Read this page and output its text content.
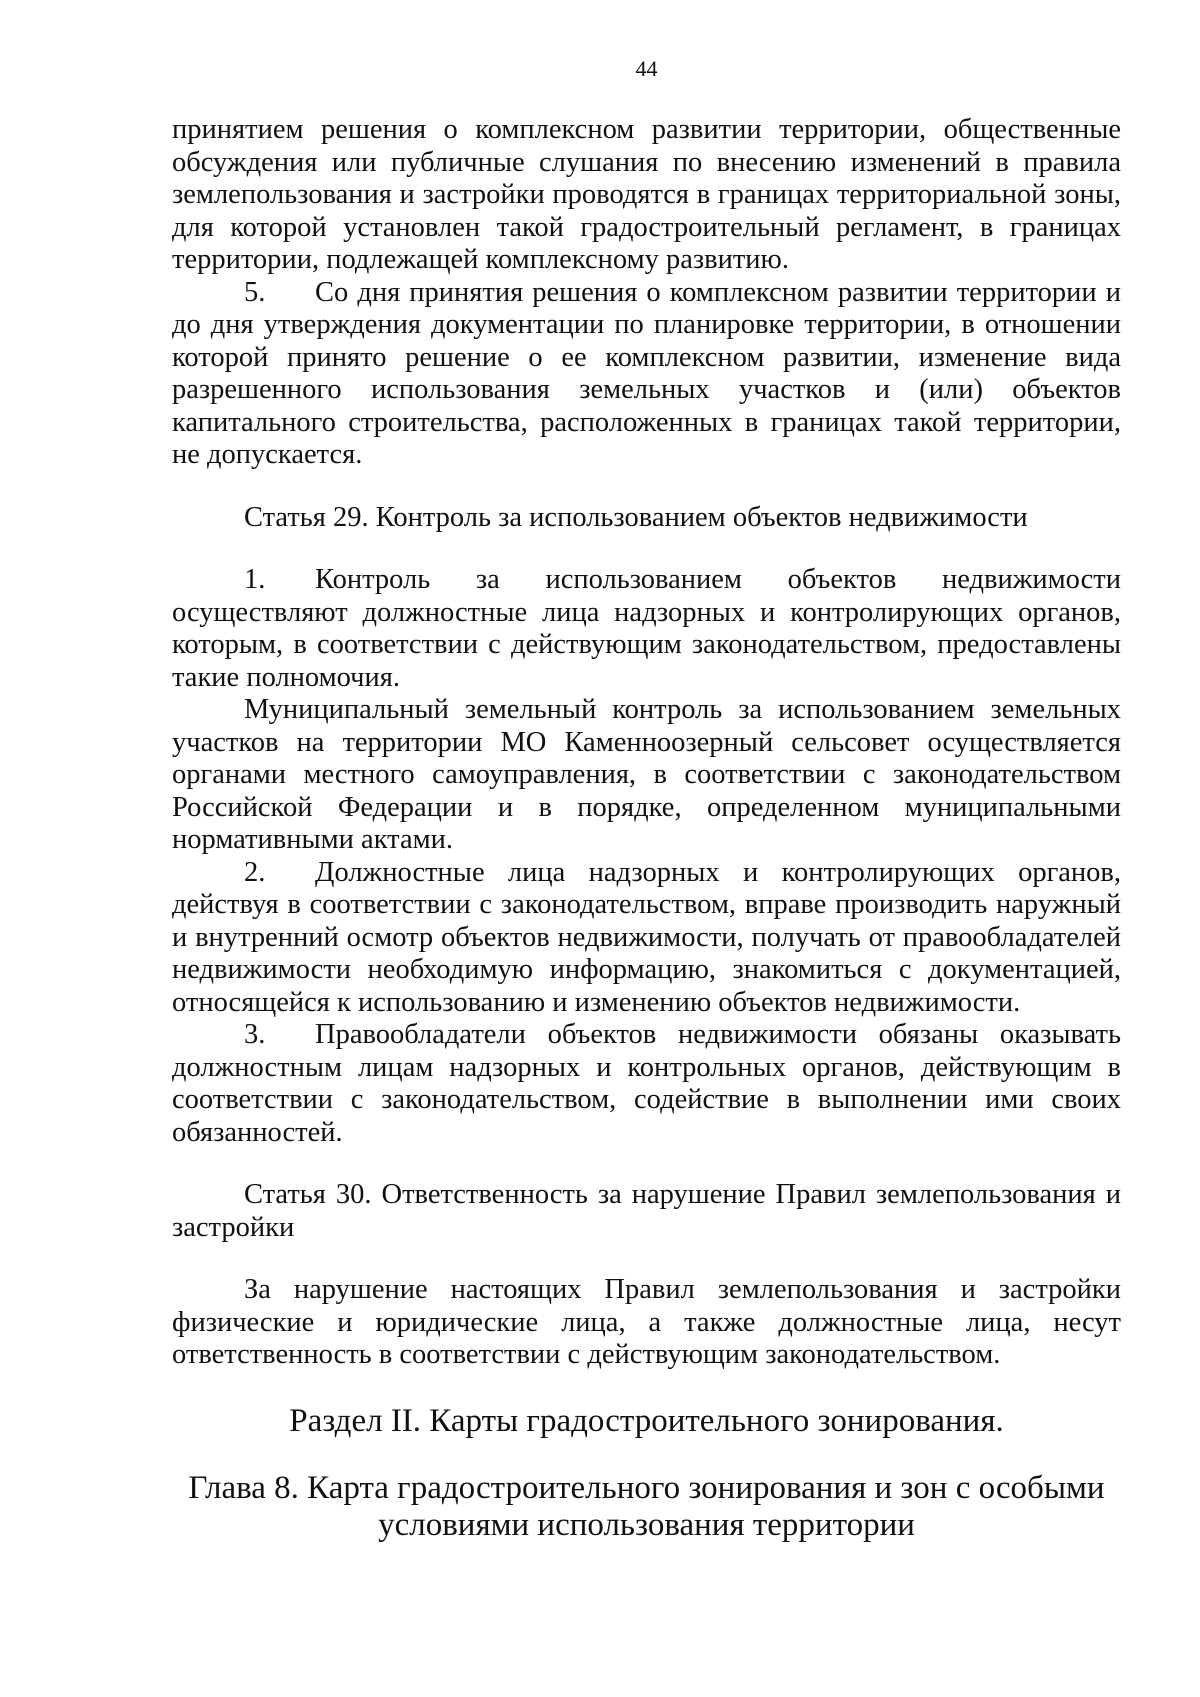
44

принятием решения о комплексном развитии территории, общественные обсуждения или публичные слушания по внесению изменений в правила землепользования и застройки проводятся в границах территориальной зоны, для которой установлен такой градостроительный регламент, в границах территории, подлежащей комплексному развитию.

5. Со дня принятия решения о комплексном развитии территории и до дня утверждения документации по планировке территории, в отношении которой принято решение о ее комплексном развитии, изменение вида разрешенного использования земельных участков и (или) объектов капитального строительства, расположенных в границах такой территории, не допускается.

Статья 29. Контроль за использованием объектов недвижимости

1. Контроль за использованием объектов недвижимости осуществляют должностные лица надзорных и контролирующих органов, которым, в соответствии с действующим законодательством, предоставлены такие полномочия.

Муниципальный земельный контроль за использованием земельных участков на территории МО Каменноозерный сельсовет осуществляется органами местного самоуправления, в соответствии с законодательством Российской Федерации и в порядке, определенном муниципальными нормативными актами.

2. Должностные лица надзорных и контролирующих органов, действуя в соответствии с законодательством, вправе производить наружный и внутренний осмотр объектов недвижимости, получать от правообладателей недвижимости необходимую информацию, знакомиться с документацией, относящейся к использованию и изменению объектов недвижимости.

3. Правообладатели объектов недвижимости обязаны оказывать должностным лицам надзорных и контрольных органов, действующим в соответствии с законодательством, содействие в выполнении ими своих обязанностей.

Статья 30. Ответственность за нарушение Правил землепользования и застройки

За нарушение настоящих Правил землепользования и застройки физические и юридические лица, а также должностные лица, несут ответственность в соответствии с действующим законодательством.

Раздел II. Карты градостроительного зонирования.
Глава 8. Карта градостроительного зонирования и зон с особыми
условиями использования территории
